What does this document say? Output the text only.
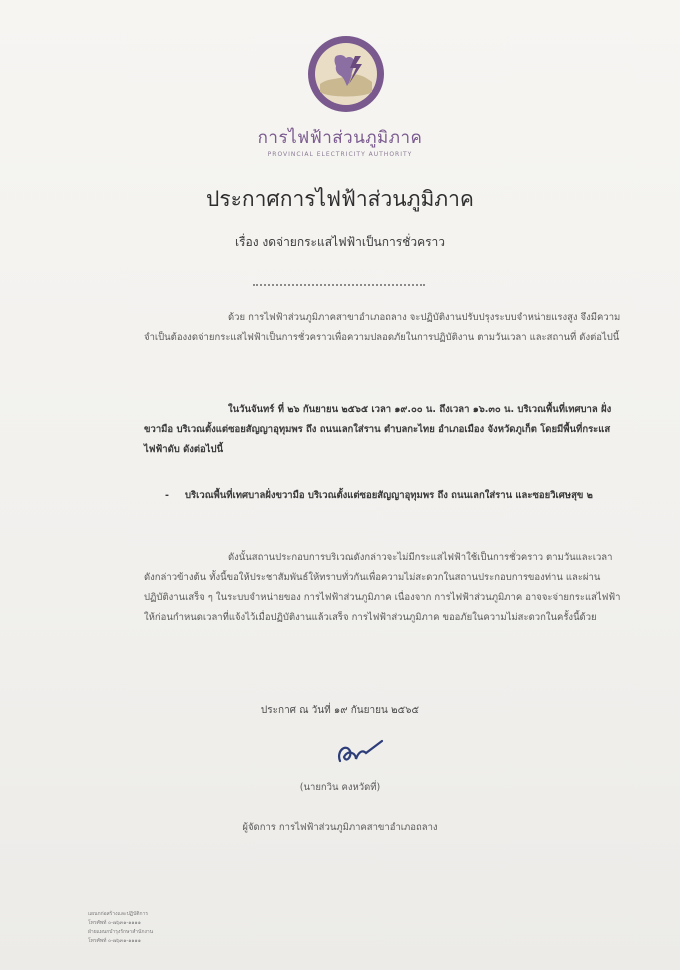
การไฟฟ้าส่วนภูมิภาค
PROVINCIAL ELECTRICITY AUTHORITY
ประกาศการไฟฟ้าส่วนภูมิภาค
เรื่อง งดจ่ายกระแสไฟฟ้าเป็นการชั่วคราว
ด้วย การไฟฟ้าส่วนภูมิภาคสาขาอำเภอถลาง จะปฏิบัติงานปรับปรุงระบบจำหน่ายแรงสูง จึงมีความจำเป็นต้องงดจ่ายกระแสไฟฟ้าเป็นการชั่วคราวเพื่อความปลอดภัยในการปฏิบัติงาน ตามวันเวลา และสถานที่ ดังต่อไปนี้
ในวันจันทร์ ที่ ๒๖ กันยายน ๒๕๖๕ เวลา ๑๙.๐๐ น. ถึงเวลา ๑๖.๓๐ น. บริเวณพื้นที่เทศบาล ฝั่งขวามือ บริเวณตั้งแต่ซอยสัญญาอุทุมพร ถึง ถนนเลกใส่ราน ตำบลกะไทย อำเภอเมือง จังหวัดภูเก็ต โดยมีพื้นที่กระแสไฟฟ้าดับ ดังต่อไปนี้
-	บริเวณพื้นที่เทศบาลฝั่งขวามือ บริเวณตั้งแต่ซอยสัญญาอุทุมพร ถึง ถนนเลกใส่ราน และซอยวิเศษสุข ๒
ดังนั้นสถานประกอบการบริเวณดังกล่าวจะไม่มีกระแสไฟฟ้าใช้เป็นการชั่วคราว ตามวันและเวลาดังกล่าวข้างต้น ทั้งนี้ขอให้ประชาสัมพันธ์ให้ทราบทั่วกันเพื่อความไม่สะดวกในสถานประกอบการของท่าน และผ่านปฏิบัติงานเสร็จ ๆ ในระบบจำหน่ายของ การไฟฟ้าส่วนภูมิภาค เนื่องจาก การไฟฟ้าส่วนภูมิภาค อาจจะจ่ายกระแสไฟฟ้าให้ก่อนกำหนดเวลาที่แจ้งไว้เมื่อปฏิบัติงานแล้วเสร็จ การไฟฟ้าส่วนภูมิภาค ขออภัยในความไม่สะดวกในครั้งนี้ด้วย
ประกาศ ณ วันที่ ๑๙ กันยายน ๒๕๖๕
(นายกวิน คงหวัดที่)
ผู้จัดการ การไฟฟ้าส่วนภูมิภาคสาขาอำเภอถลาง
แผนกก่อสร้างและปฏิบัติการ
โทรศัพท์ ๐-๗๖๓๑-๑๑๑๑
ฝ่ายแผนกบำรุงรักษาสำนักงาน
โทรศัพท์ ๐-๗๖๓๑-๑๑๑๑
